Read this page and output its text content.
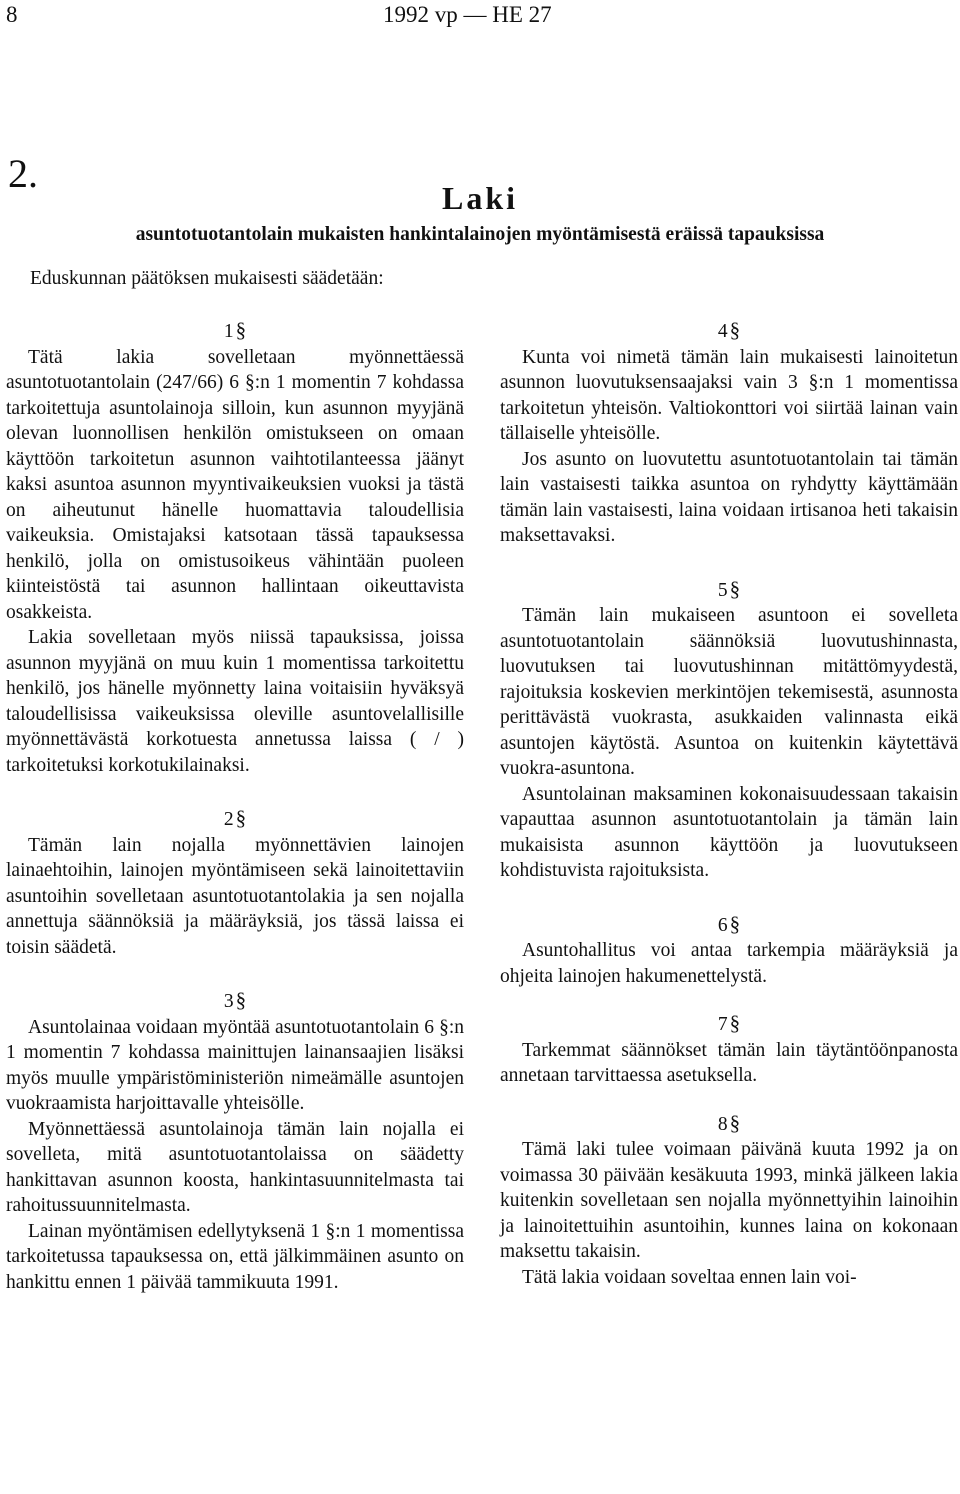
8	1992 vp — HE 27
2.
Laki
asuntotuotantolain mukaisten hankintalainojen myöntämisestä eräissä tapauksissa
Eduskunnan päätöksen mukaisesti säädetään:

1§

Tätä lakia sovelletaan myönnettäessä asuntotuotantolain (247/66) 6 §:n 1 momentin 7 kohdassa tarkoitettuja asuntolainoja silloin, kun asunnon myyjänä olevan luonnollisen henkilön omistukseen on omaan käyttöön tarkoitetun asunnon vaihtotilanteessa jäänyt kaksi asuntoa asunnon myyntivaikeuksien vuoksi ja tästä on aiheutunut hänelle huomattavia taloudellisia vaikeuksia. Omistajaksi katsotaan tässä tapauksessa henkilö, jolla on omistusoikeus vähintään puoleen kiinteistöstä tai asunnon hallintaan oikeuttavista osakkeista.

Lakia sovelletaan myös niissä tapauksissa, joissa asunnon myyjänä on muu kuin 1 momentissa tarkoitettu henkilö, jos hänelle myönnetty laina voitaisiin hyväksyä taloudellisissa vaikeuksissa oleville asuntovelallisille myönnettävästä korkotuesta annetussa laissa ( / ) tarkoitetuksi korkotukilainaksi.

2§

Tämän lain nojalla myönnettävien lainojen lainaehtoihin, lainojen myöntämiseen sekä lainoitettaviin asuntoihin sovelletaan asuntotuotantolakia ja sen nojalla annettuja säännöksiä ja määräyksiä, jos tässä laissa ei toisin säädetä.

3§

Asuntolainaa voidaan myöntää asuntotuotantolain 6 §:n 1 momentin 7 kohdassa mainittujen lainansaajien lisäksi myös muulle ympäristöministeriön nimeämälle asuntojen vuokraamista harjoittavalle yhteisölle.

Myönnettäessä asuntolainoja tämän lain nojalla ei sovelleta, mitä asuntotuotantolaissa on säädetty hankittavan asunnon koosta, hankintasuunnitelmasta tai rahoitussuunnitelmasta.

Lainan myöntämisen edellytyksenä 1 §:n 1 momentissa tarkoitetussa tapauksessa on, että jälkimmäinen asunto on hankittu ennen 1 päivää tammikuuta 1991.

4§

Kunta voi nimetä tämän lain mukaisesti lainoitetun asunnon luovutuksensaajaksi vain 3 §:n 1 momentissa tarkoitetun yhteisön. Valtiokonttori voi siirtää lainan vain tällaiselle yhteisölle.

Jos asunto on luovutettu asuntotuotantolain tai tämän lain vastaisesti taikka asuntoa on ryhdytty käyttämään tämän lain vastaisesti, laina voidaan irtisanoa heti takaisin maksettavaksi.

5§

Tämän lain mukaiseen asuntoon ei sovelleta asuntotuotantolain säännöksiä luovutushinnasta, luovutuksen tai luovutushinnan mitättömyydestä, rajoituksia koskevien merkintöjen tekemisestä, asunnosta perittävästä vuokrasta, asukkaiden valinnasta eikä asuntojen käytöstä. Asuntoa on kuitenkin käytettävä vuokra-asuntona.

Asuntolainan maksaminen kokonaisuudessaan takaisin vapauttaa asunnon asuntotuotantolain ja tämän lain mukaisista asunnon käyttöön ja luovutukseen kohdistuvista rajoituksista.

6§

Asuntohallitus voi antaa tarkempia määräyksiä ja ohjeita lainojen hakumenettelystä.

7§

Tarkemmat säännökset tämän lain täytäntöönpanosta annetaan tarvittaessa asetuksella.

8§

Tämä laki tulee voimaan päivänä kuuta 1992 ja on voimassa 30 päivään kesäkuuta 1993, minkä jälkeen lakia kuitenkin sovelletaan sen nojalla myönnettyihin lainoihin ja lainoitettuihin asuntoihin, kunnes laina on kokonaan maksettu takaisin.

Tätä lakia voidaan soveltaa ennen lain voi-
